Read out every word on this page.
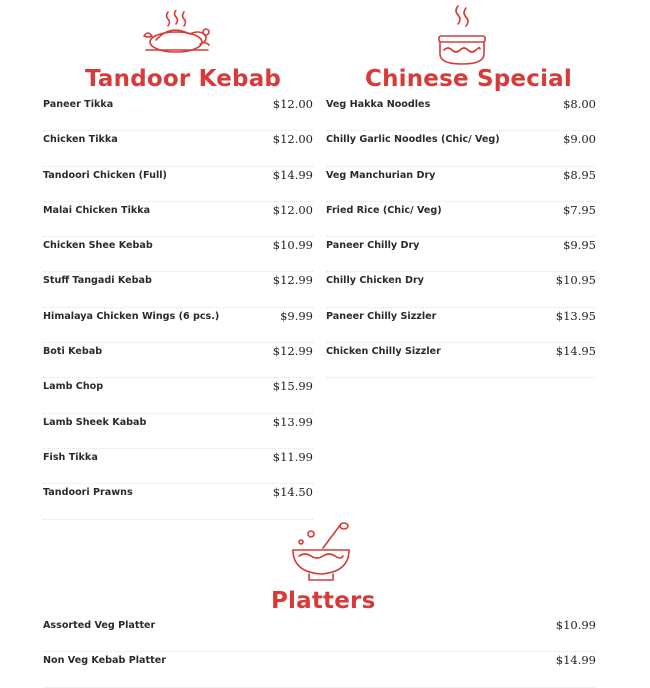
Tandoor Kebab	Chinese Special
Paneer Tikka	$12.00
Chicken Tikka	$12.00
Tandoori Chicken (Full)	$14.99
Malai Chicken Tikka	$12.00
Chicken Shee Kebab	$10.99
Stuff Tangadi Kebab	$12.99
Himalaya Chicken Wings (6 pcs.)	$9.99
Boti Kebab	$12.99
Lamb Chop	$15.99
Lamb Sheek Kabab	$13.99
Fish Tikka	$11.99
Tandoori Prawns	$14.50
Veg Hakka Noodles	$8.00
Chilly Garlic Noodles (Chic/ Veg)	$9.00
Veg Manchurian Dry	$8.95
Fried Rice (Chic/ Veg)	$7.95
Paneer Chilly Dry	$9.95
Chilly Chicken Dry	$10.95
Paneer Chilly Sizzler	$13.95
Chicken Chilly Sizzler	$14.95
Platters
Assorted Veg Platter	$10.99
Non Veg Kebab Platter	$14.99
